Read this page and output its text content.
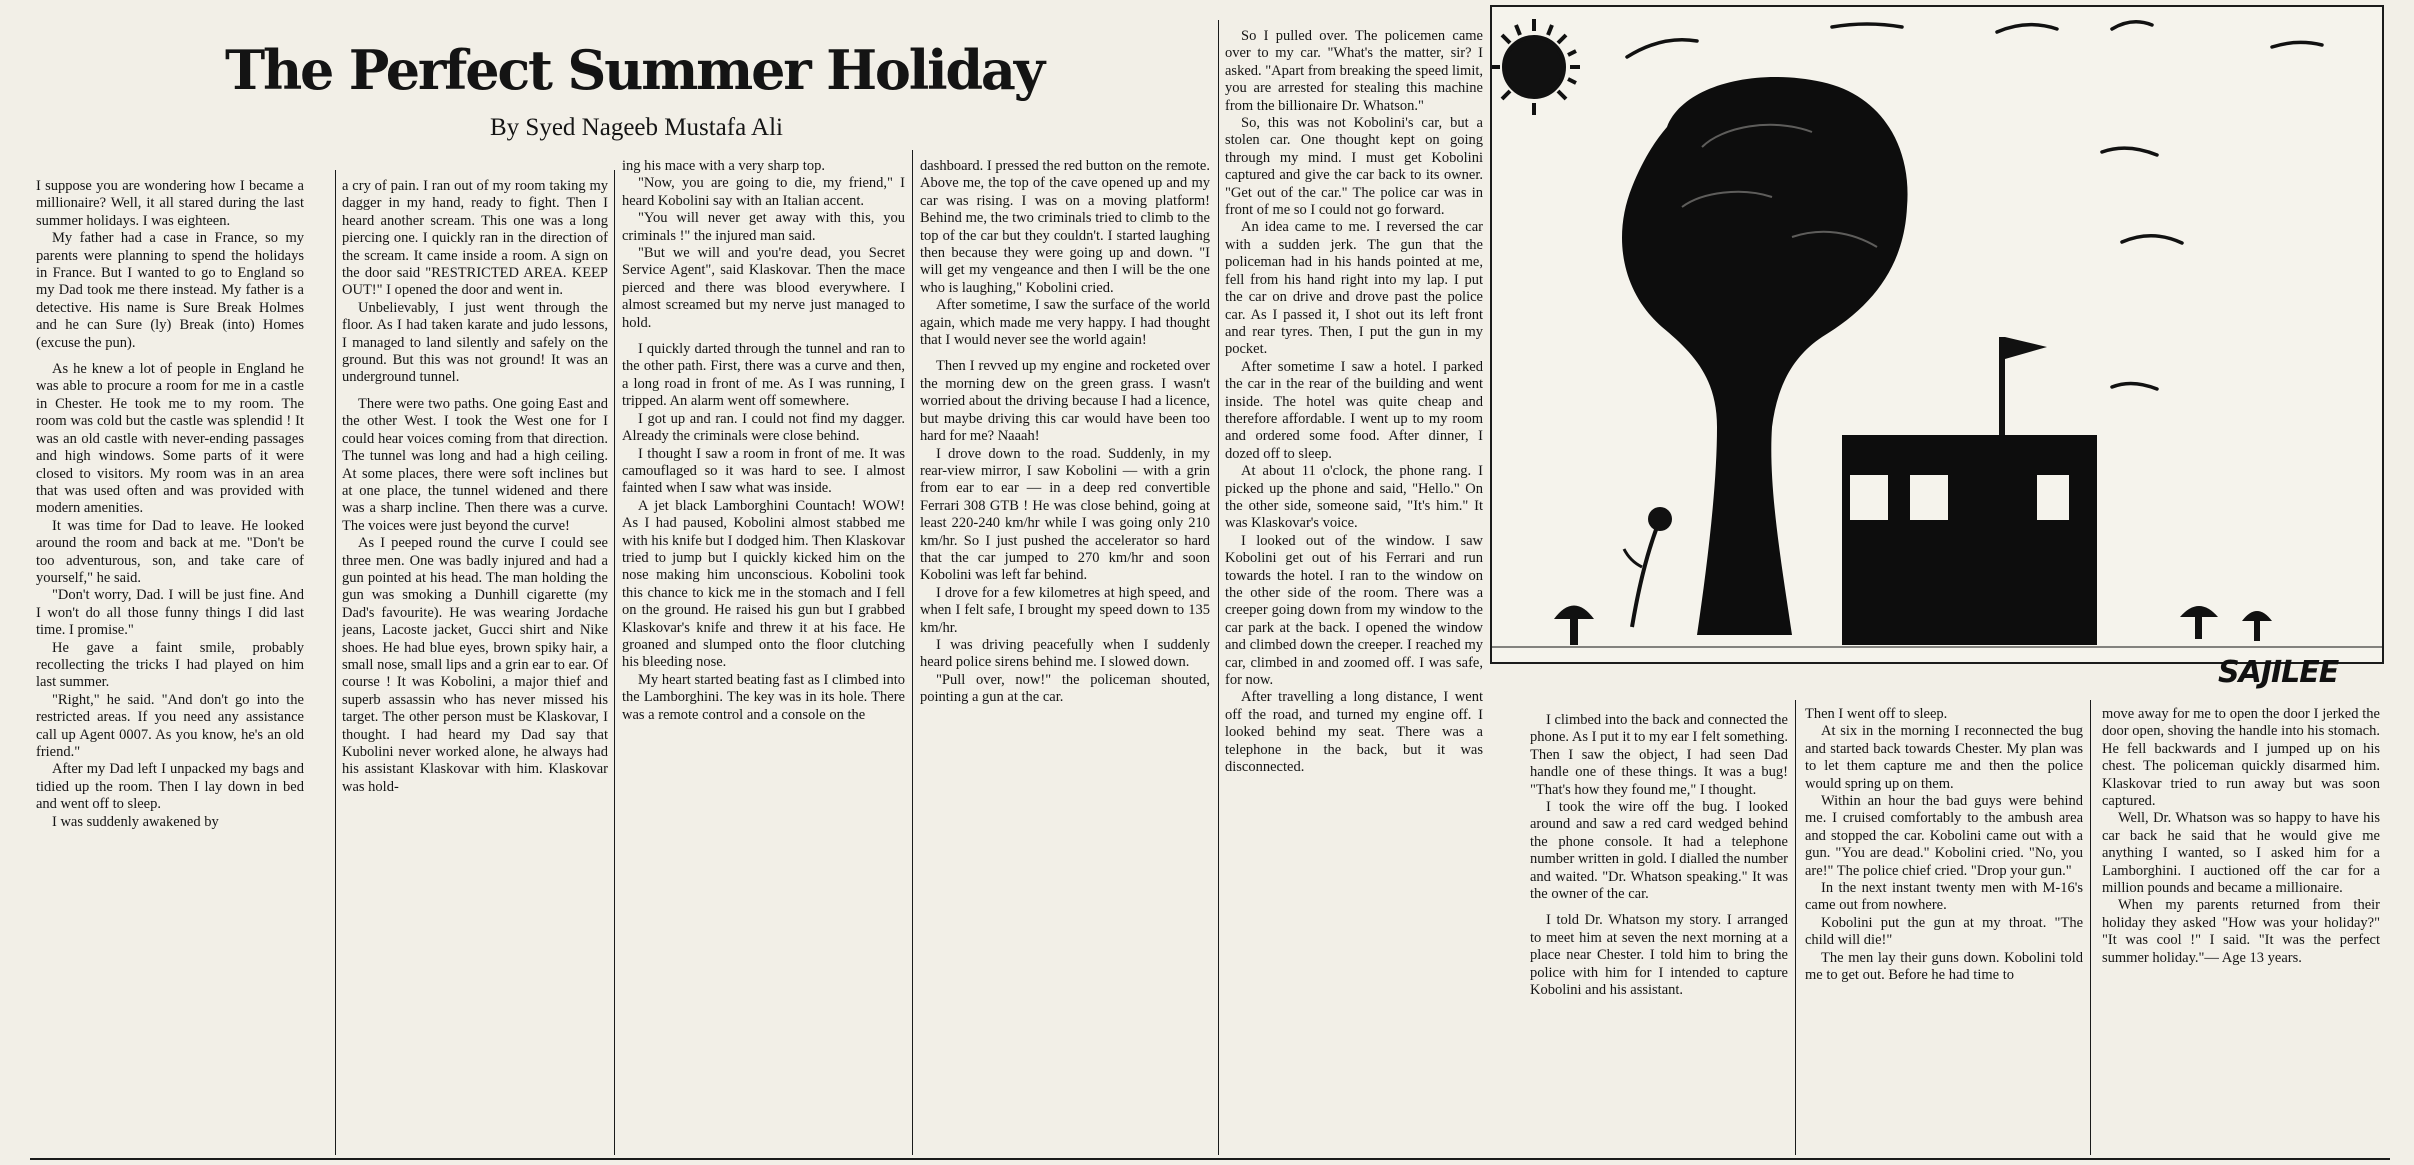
The Perfect Summer Holiday

By Syed Nageeb Mustafa Ali

I suppose you are wondering how I became a millionaire? Well, it all stared during the last summer holidays. I was eighteen.

My father had a case in France, so my parents were planning to spend the holidays in France. But I wanted to go to England so my Dad took me there instead. My father is a detective. His name is Sure Break Holmes and he can Sure (ly) Break (into) Homes (excuse the pun).

As he knew a lot of people in England he was able to procure a room for me in a castle in Chester. He took me to my room. The room was cold but the castle was splendid ! It was an old castle with never-ending passages and high windows. Some parts of it were closed to visitors. My room was in an area that was used often and was provided with modern amenities.

It was time for Dad to leave. He looked around the room and back at me. "Don't be too adventurous, son, and take care of yourself," he said.

"Don't worry, Dad. I will be just fine. And I won't do all those funny things I did last time. I promise."

He gave a faint smile, probably recollecting the tricks I had played on him last summer.

"Right," he said. "And don't go into the restricted areas. If you need any assistance call up Agent 0007. As you know, he's an old friend."

After my Dad left I unpacked my bags and tidied up the room. Then I lay down in bed and went off to sleep.

I was suddenly awakened by

a cry of pain. I ran out of my room taking my dagger in my hand, ready to fight. Then I heard another scream. This one was a long piercing one. I quickly ran in the direction of the scream. It came inside a room. A sign on the door said "RESTRICTED AREA. KEEP OUT!" I opened the door and went in.

Unbelievably, I just went through the floor. As I had taken karate and judo lessons, I managed to land silently and safely on the ground. But this was not ground! It was an underground tunnel.

There were two paths. One going East and the other West. I took the West one for I could hear voices coming from that direction. The tunnel was long and had a high ceiling. At some places, there were soft inclines but at one place, the tunnel widened and there was a sharp incline. Then there was a curve. The voices were just beyond the curve!

As I peeped round the curve I could see three men. One was badly injured and had a gun pointed at his head. The man holding the gun was smoking a Dunhill cigarette (my Dad's favourite). He was wearing Jordache jeans, Lacoste jacket, Gucci shirt and Nike shoes. He had blue eyes, brown spiky hair, a small nose, small lips and a grin ear to ear. Of course ! It was Kobolini, a major thief and superb assassin who has never missed his target. The other person must be Klaskovar, I thought. I had heard my Dad say that Kubolini never worked alone, he always had his assistant Klaskovar with him. Klaskovar was hold-

ing his mace with a very sharp top.

"Now, you are going to die, my friend," I heard Kobolini say with an Italian accent.

"You will never get away with this, you criminals !" the injured man said.

"But we will and you're dead, you Secret Service Agent", said Klaskovar. Then the mace pierced and there was blood everywhere. I almost screamed but my nerve just managed to hold.

I quickly darted through the tunnel and ran to the other path. First, there was a curve and then, a long road in front of me. As I was running, I tripped. An alarm went off somewhere.

I got up and ran. I could not find my dagger. Already the criminals were close behind.

I thought I saw a room in front of me. It was camouflaged so it was hard to see. I almost fainted when I saw what was inside.

A jet black Lamborghini Countach! WOW! As I had paused, Kobolini almost stabbed me with his knife but I dodged him. Then Klaskovar tried to jump but I quickly kicked him on the nose making him unconscious. Kobolini took this chance to kick me in the stomach and I fell on the ground. He raised his gun but I grabbed Klaskovar's knife and threw it at his face. He groaned and slumped onto the floor clutching his bleeding nose.

My heart started beating fast as I climbed into the Lamborghini. The key was in its hole. There was a remote control and a console on the

dashboard. I pressed the red button on the remote. Above me, the top of the cave opened up and my car was rising. I was on a moving platform! Behind me, the two criminals tried to climb to the top of the car but they couldn't. I started laughing then because they were going up and down. "I will get my vengeance and then I will be the one who is laughing," Kobolini cried.

After sometime, I saw the surface of the world again, which made me very happy. I had thought that I would never see the world again!

Then I revved up my engine and rocketed over the morning dew on the green grass. I wasn't worried about the driving because I had a licence, but maybe driving this car would have been too hard for me? Naaah!

I drove down to the road. Suddenly, in my rear-view mirror, I saw Kobolini — with a grin from ear to ear — in a deep red convertible Ferrari 308 GTB ! He was close behind, going at least 220-240 km/hr while I was going only 210 km/hr. So I just pushed the accelerator so hard that the car jumped to 270 km/hr and soon Kobolini was left far behind.

I drove for a few kilometres at high speed, and when I felt safe, I brought my speed down to 135 km/hr.

I was driving peacefully when I suddenly heard police sirens behind me. I slowed down.

"Pull over, now!" the policeman shouted, pointing a gun at the car.

So I pulled over. The policemen came over to my car. "What's the matter, sir? I asked. "Apart from breaking the speed limit, you are arrested for stealing this machine from the billionaire Dr. Whatson."

So, this was not Kobolini's car, but a stolen car. One thought kept on going through my mind. I must get Kobolini captured and give the car back to its owner. "Get out of the car." The police car was in front of me so I could not go forward.

An idea came to me. I reversed the car with a sudden jerk. The gun that the policeman had in his hands pointed at me, fell from his hand right into my lap. I put the car on drive and drove past the police car. As I passed it, I shot out its left front and rear tyres. Then, I put the gun in my pocket.

After sometime I saw a hotel. I parked the car in the rear of the building and went inside. The hotel was quite cheap and therefore affordable. I went up to my room and ordered some food. After dinner, I dozed off to sleep.

At about 11 o'clock, the phone rang. I picked up the phone and said, "Hello." On the other side, someone said, "It's him." It was Klaskovar's voice.

I looked out of the window. I saw Kobolini get out of his Ferrari and run towards the hotel. I ran to the window on the other side of the room. There was a creeper going down from my window to the car park at the back. I opened the window and climbed down the creeper. I reached my car, climbed in and zoomed off. I was safe, for now.

After travelling a long distance, I went off the road, and turned my engine off. I looked behind my seat. There was a telephone in the back, but it was disconnected.

I climbed into the back and connected the phone. As I put it to my ear I felt something. Then I saw the object, I had seen Dad handle one of these things. It was a bug! "That's how they found me," I thought.

I took the wire off the bug. I looked around and saw a red card wedged behind the phone console. It had a telephone number written in gold. I dialled the number and waited. "Dr. Whatson speaking." It was the owner of the car.

I told Dr. Whatson my story. I arranged to meet him at seven the next morning at a place near Chester. I told him to bring the police with him for I intended to capture Kobolini and his assistant.

Then I went off to sleep.

At six in the morning I reconnected the bug and started back towards Chester. My plan was to let them capture me and then the police would spring up on them.

Within an hour the bad guys were behind me. I cruised comfortably to the ambush area and stopped the car. Kobolini came out with a gun. "You are dead." Kobolini cried. "No, you are!" The police chief cried. "Drop your gun."

In the next instant twenty men with M-16's came out from nowhere.

Kobolini put the gun at my throat. "The child will die!"

The men lay their guns down. Kobolini told me to get out. Before he had time to

move away for me to open the door I jerked the door open, shoving the handle into his stomach. He fell backwards and I jumped up on his chest. The policeman quickly disarmed him. Klaskovar tried to run away but was soon captured.

Well, Dr. Whatson was so happy to have his car back he said that he would give me anything I wanted, so I asked him for a Lamborghini. I auctioned off the car for a million pounds and became a millionaire.

When my parents returned from their holiday they asked "How was your holiday?" "It was cool !" I said. "It was the perfect summer holiday."— Age 13 years.

SAJILEE
